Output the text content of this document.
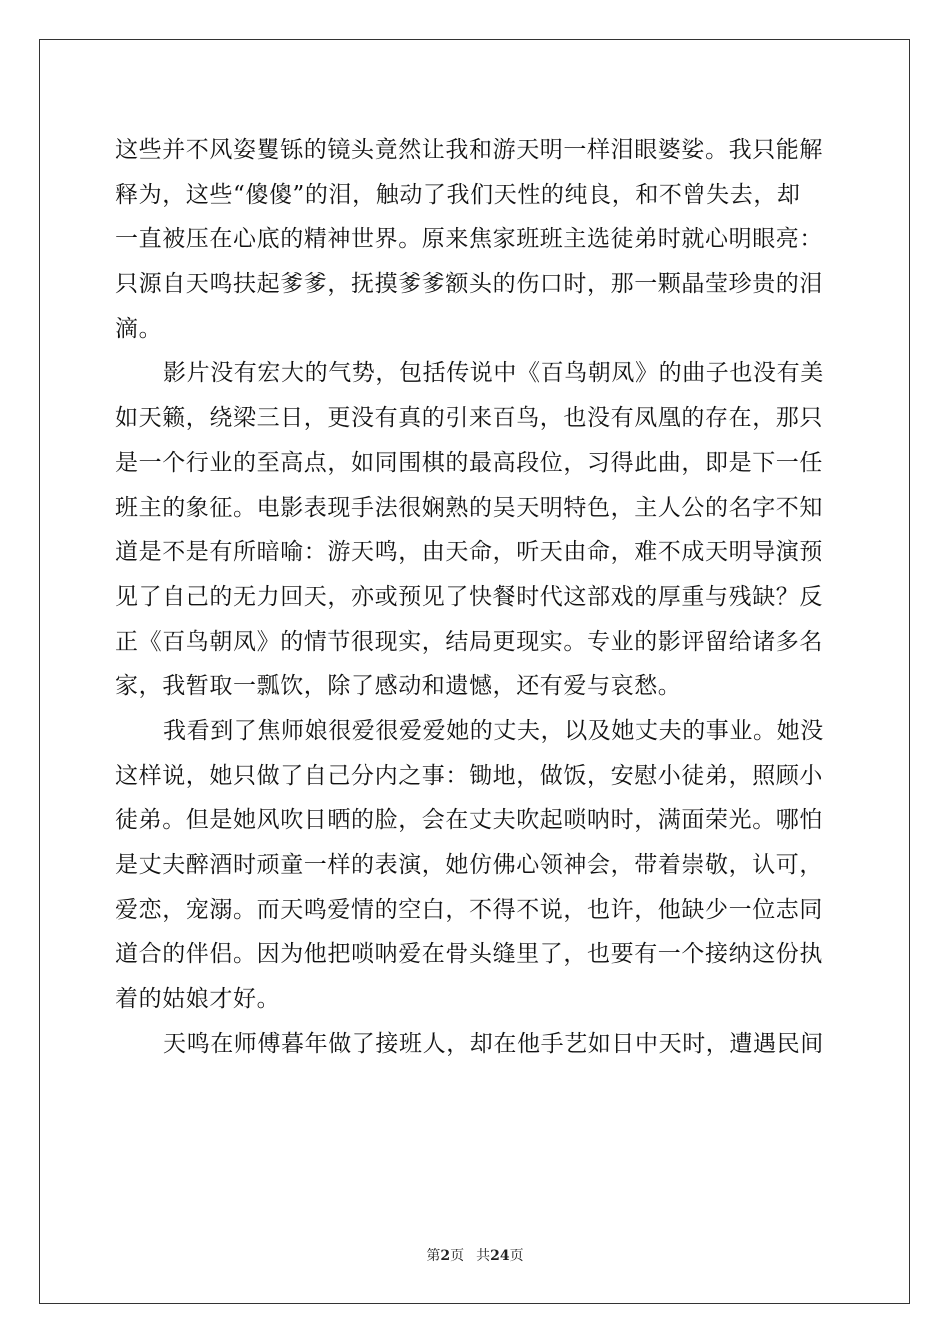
这些并不风姿矍铄的镜头竟然让我和游天明一样泪眼婆娑。我只能解
释为，这些“傻傻”的泪，触动了我们天性的纯良，和不曾失去，却
一直被压在心底的精神世界。原来焦家班班主选徒弟时就心明眼亮：
只源自天鸣扶起爹爹，抚摸爹爹额头的伤口时，那一颗晶莹珍贵的泪
滴。
影片没有宏大的气势，包括传说中《百鸟朝凤》的曲子也没有美
如天籁，绕梁三日，更没有真的引来百鸟，也没有凤凰的存在，那只
是一个行业的至高点，如同围棋的最高段位，习得此曲，即是下一任
班主的象征。电影表现手法很娴熟的吴天明特色，主人公的名字不知
道是不是有所暗喻：游天鸣，由天命，听天由命，难不成天明导演预
见了自己的无力回天，亦或预见了快餐时代这部戏的厚重与残缺？反
正《百鸟朝凤》的情节很现实，结局更现实。专业的影评留给诸多名
家，我暂取一瓢饮，除了感动和遗憾，还有爱与哀愁。
我看到了焦师娘很爱很爱爱她的丈夫，以及她丈夫的事业。她没
这样说，她只做了自己分内之事：锄地，做饭，安慰小徒弟，照顾小
徒弟。但是她风吹日晒的脸，会在丈夫吹起唢呐时，满面荣光。哪怕
是丈夫醉酒时顽童一样的表演，她仿佛心领神会，带着崇敬，认可，
爱恋，宠溺。而天鸣爱情的空白，不得不说，也许，他缺少一位志同
道合的伴侣。因为他把唢呐爱在骨头缝里了，也要有一个接纳这份执
着的姑娘才好。
天鸣在师傅暮年做了接班人，却在他手艺如日中天时，遭遇民间
第2页 共24页
